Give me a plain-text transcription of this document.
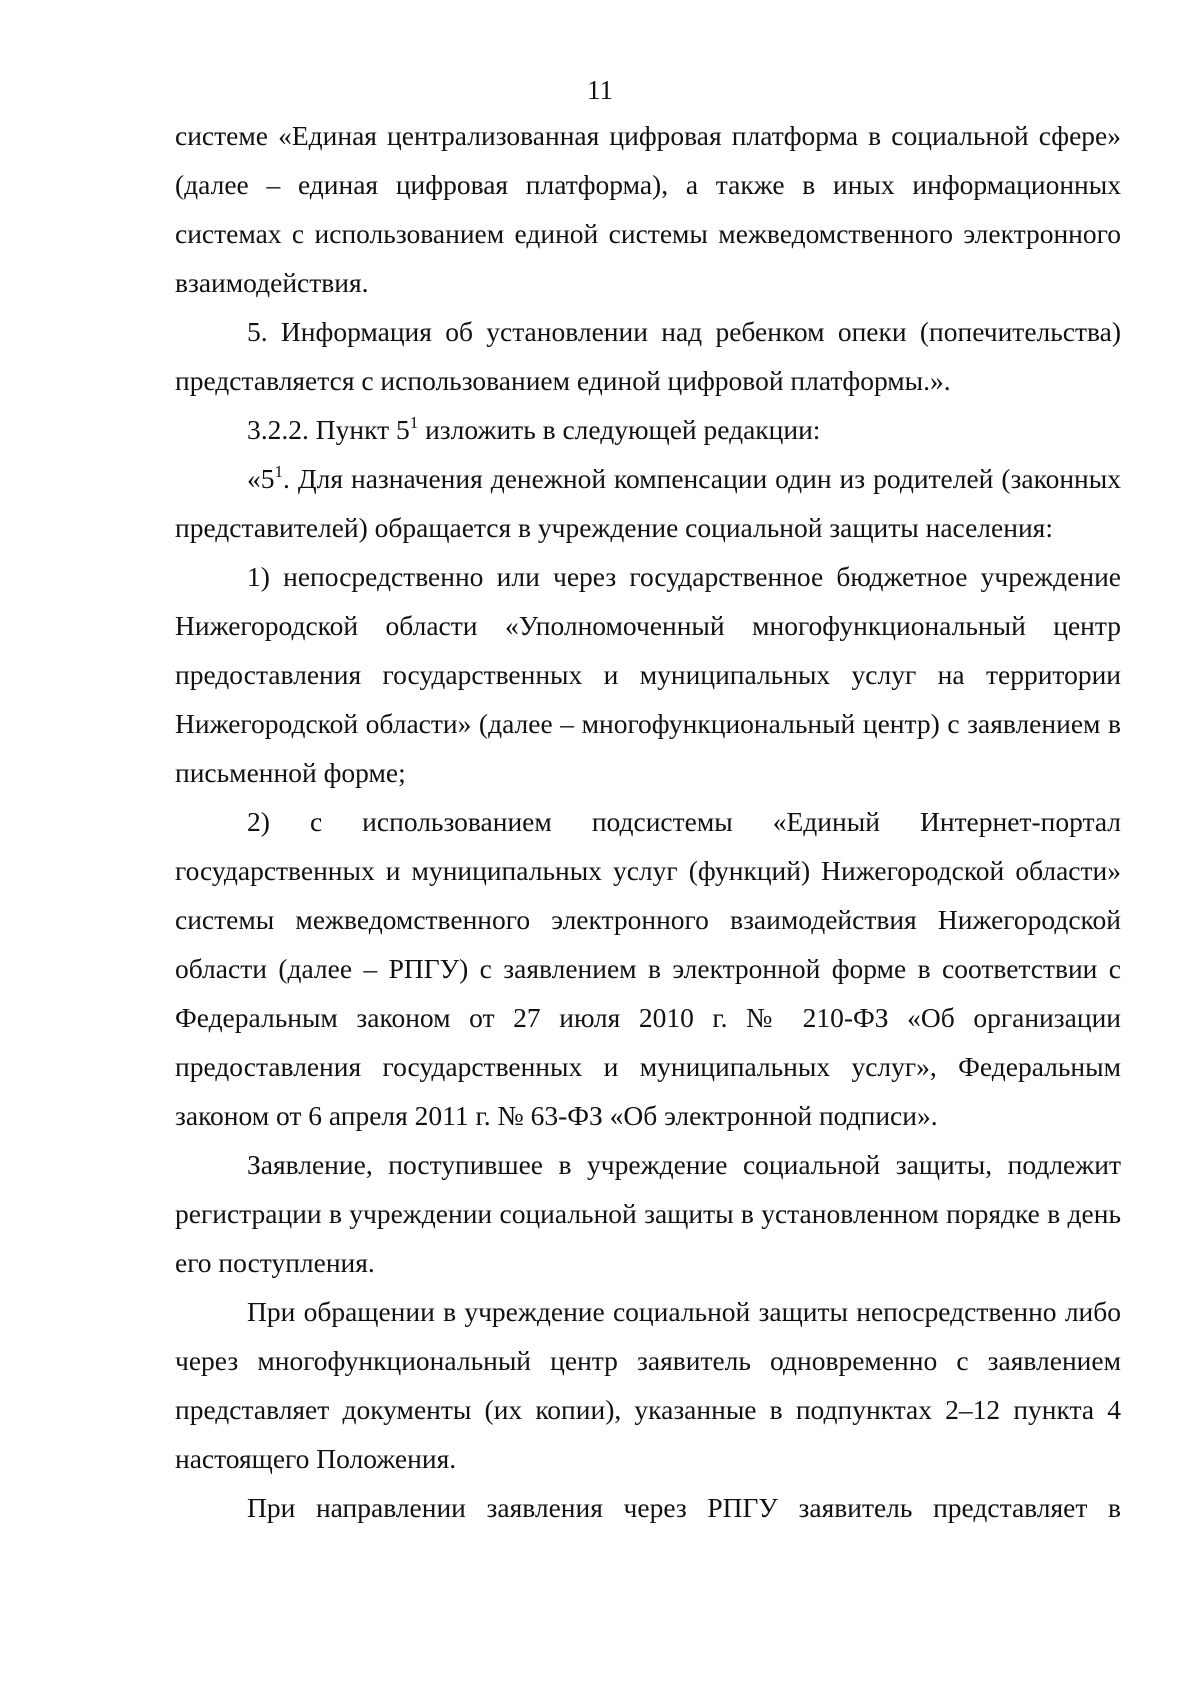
11

системе «Единая централизованная цифровая платформа в социальной сфере» (далее – единая цифровая платформа), а также в иных информационных системах с использованием единой системы межведомственного электронного взаимодействия.

5. Информация об установлении над ребенком опеки (попечительства) представляется с использованием единой цифровой платформы.».

3.2.2. Пункт $5^1$ изложить в следующей редакции:

«$5^1$. Для назначения денежной компенсации один из родителей (законных представителей) обращается в учреждение социальной защиты населения:

1) непосредственно или через государственное бюджетное учреждение Нижегородской области «Уполномоченный многофункциональный центр предоставления государственных и муниципальных услуг на территории Нижегородской области» (далее – многофункциональный центр) с заявлением в письменной форме;

2) с использованием подсистемы «Единый Интернет-портал государственных и муниципальных услуг (функций) Нижегородской области» системы межведомственного электронного взаимодействия Нижегородской области (далее – РПГУ) с заявлением в электронной форме в соответствии с Федеральным законом от 27 июля 2010 г. № 210-ФЗ «Об организации предоставления государственных и муниципальных услуг», Федеральным законом от 6 апреля 2011 г. № 63-ФЗ «Об электронной подписи».

Заявление, поступившее в учреждение социальной защиты, подлежит регистрации в учреждении социальной защиты в установленном порядке в день его поступления.

При обращении в учреждение социальной защиты непосредственно либо через многофункциональный центр заявитель одновременно с заявлением представляет документы (их копии), указанные в подпунктах 2–12 пункта 4 настоящего Положения.

При направлении заявления через РПГУ заявитель представляет в
